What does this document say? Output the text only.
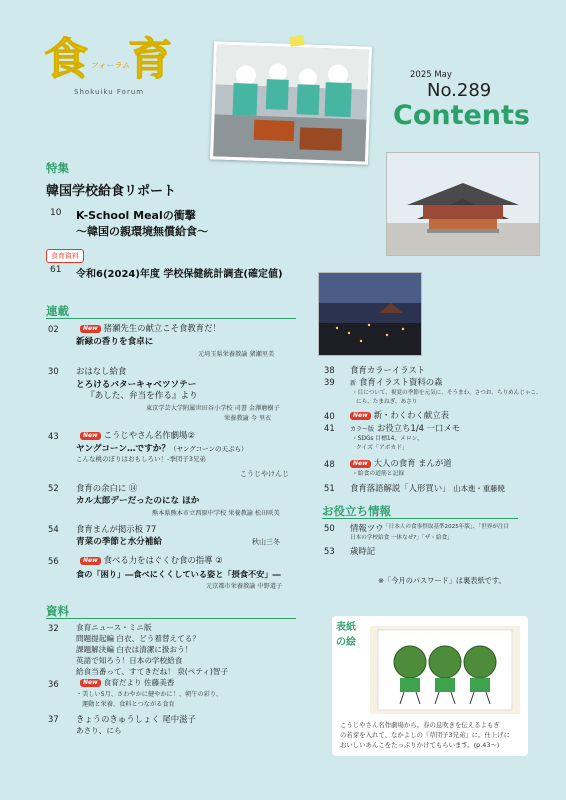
食 育
フォーラム
Shokuiku Forum
2025 May
No.289
Contents
特集
韓国学校給食リポート
10 K-School Mealの衝撃
〜韓国の親環境無償給食〜
食育資料
61 令和6(2024)年度 学校保健統計調査(確定値)
連載
02	New 猪瀬先生の献立こそ食教育だ！
新緑の香りを食卓に
元埼玉県栄養教諭 猪瀬里美
30 おはなし給食
とろけるバターキャベツソテー
『あした、弁当を作る』より
東京学芸大学附属世田谷小学校 司書 金澤磨樹子
栄養教諭 今 里衣
43	New こうじやさん名作劇場②
ヤングコーン…ですか？（ヤングコーンの天ぷら）
こんな桃のぼりはおもしろい！-季団子3兄弟
こうじやけんじ
52 食育の余白に ⑭
カル太郎デーだったのにな ほか
熊本県熊本市立西原中学校 栄養教諭 松田咲美
54 食育まんが掲示板 77
青菜の季節と水分補給	秋山三冬
56	New 食べる力をはぐくむ食の指導 ②
食の「困り」―食べにくくしている姿と「摂食不安」―
元京都市栄養教諭 中野道子
38 食育カラーイラスト
39	新 食育イラスト資料の森
・目について、視覚の季節を元気に、そうまわ、さつお、ちりめんじゃこ、
にら、たまねぎ、あさり
40	New 新・わくわく献立表
41	カラー版 お役立ち1/4 一口メモ
・SDGs 目標14、メロン、
クイズ「アボカド」
48	New 大人の食育 まんが道
・給食の道筋と記録
51 食育落語解説「人形買い」 山本進・重藤暁
お役立ち情報
50 情報ツウ 「日本人の食事摂取基準2025年版」、「世界が注目
日本の学校給食 一体なぜ?」「ザ・給食」
53 歳時記
※「今月のパスワード」は裏表紙です。
資料
32 食育ニュース・ミニ版
問題提起編 白衣、どう着替えてる？
課題解決編 白衣は清潔に扱おう！
英語で知ろう！日本の学校給食
給食当番って、すてきだね！ 泉(ペティ)智子
36	New 食育だより 佐藤美香
・美しい5月、さわやかに健やかに！、朝午の彩り、
運動と栄養、食料とつながる食育
37 きょうのきゅうしょく 尾中滋子
あさり、にら
表紙の絵
こうじやさん名作劇場から。春の息吹きを伝えるよもぎ
の若芽を入れて、なかよしの『草団子3兄弟』に。仕上げに
おいしいあんこをたっぷりかけてもらいます。(p.43〜)
